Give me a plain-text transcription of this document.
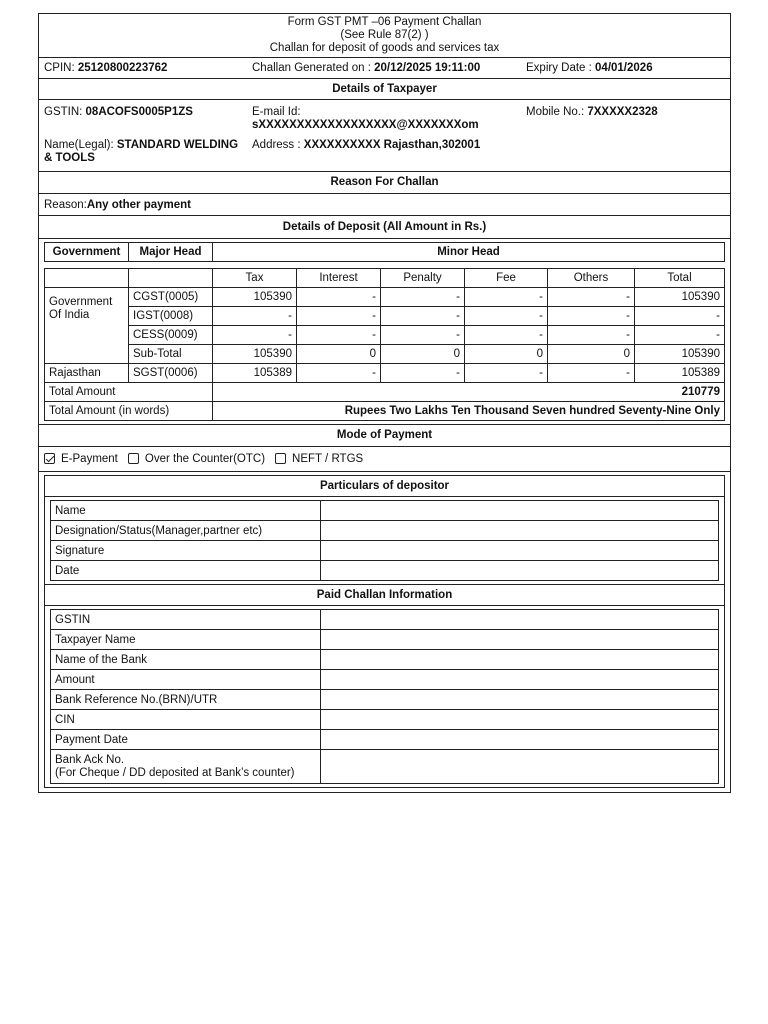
Form GST PMT –06 Payment Challan
(See Rule 87(2) )
Challan for deposit of goods and services tax
CPIN: 25120800223762	Challan Generated on : 20/12/2025 19:11:00	Expiry Date : 04/01/2026
Details of Taxpayer
GSTIN: 08ACOFS0005P1ZS	E-mail Id:
sXXXXXXXXXXXXXXXXXX@XXXXXXXom
Mobile No.: 7XXXXX2328
Name(Legal): STANDARD WELDING & TOOLS
Address : XXXXXXXXXX Rajasthan,302001
Reason For Challan
Reason: Any other payment
Details of Deposit (All Amount in Rs.)
Government	Major Head	Minor Head
		Tax	Interest	Penalty	Fee	Others	Total
Government Of India	CGST(0005)	105390	-	-	-	-	105390
	IGST(0008)	-	-	-	-	-	-
	CESS(0009)	-	-	-	-	-	-
	Sub-Total	105390	0	0	0	0	105390
Rajasthan	SGST(0006)	105389	-	-	-	-	105389
Total Amount		210779					
Total Amount (in words)		Rupees Two Lakhs Ten Thousand Seven hundred Seventy-Nine Only					
Mode of Payment
E-Payment	Over the Counter(OTC)	NEFT / RTGS
Particulars of depositor
Name	
Designation/Status(Manager,partner etc)	
Signature	
Date	
Paid Challan Information
GSTIN	
Taxpayer Name	
Name of the Bank	
Amount	
Bank Reference No.(BRN)/UTR	
CIN	
Payment Date	

Bank Ack No.
(For Cheque / DD deposited at Bank’s counter)	
